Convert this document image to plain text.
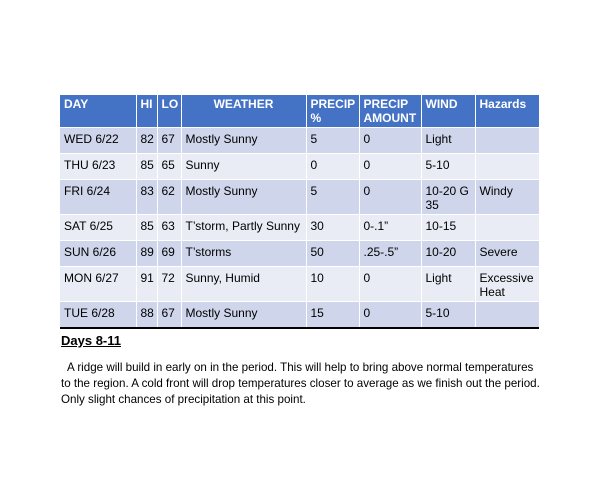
DAY	HI	LO	WEATHER	PRECIP %	PRECIP AMOUNT	WIND	Hazards
WED 6/22	82	67	Mostly Sunny	5	0	Light	
THU 6/23	85	65	Sunny	0	0	5-10	
FRI 6/24	83	62	Mostly Sunny	5	0	10-20 G 35	Windy
SAT 6/25	85	63	T’storm, Partly Sunny	30	0-.1”	10-15	
SUN 6/26	89	69	T’storms	50	.25-.5”	10-20	Severe
MON 6/27	91	72	Sunny, Humid	10	0	Light	Excessive Heat
TUE 6/28	88	67	Mostly Sunny	15	0	5-10	
Days 8-11

A ridge will build in early on in the period. This will help to bring above normal temperatures to the region. A cold front will drop temperatures closer to average as we finish out the period. Only slight chances of precipitation at this point.
